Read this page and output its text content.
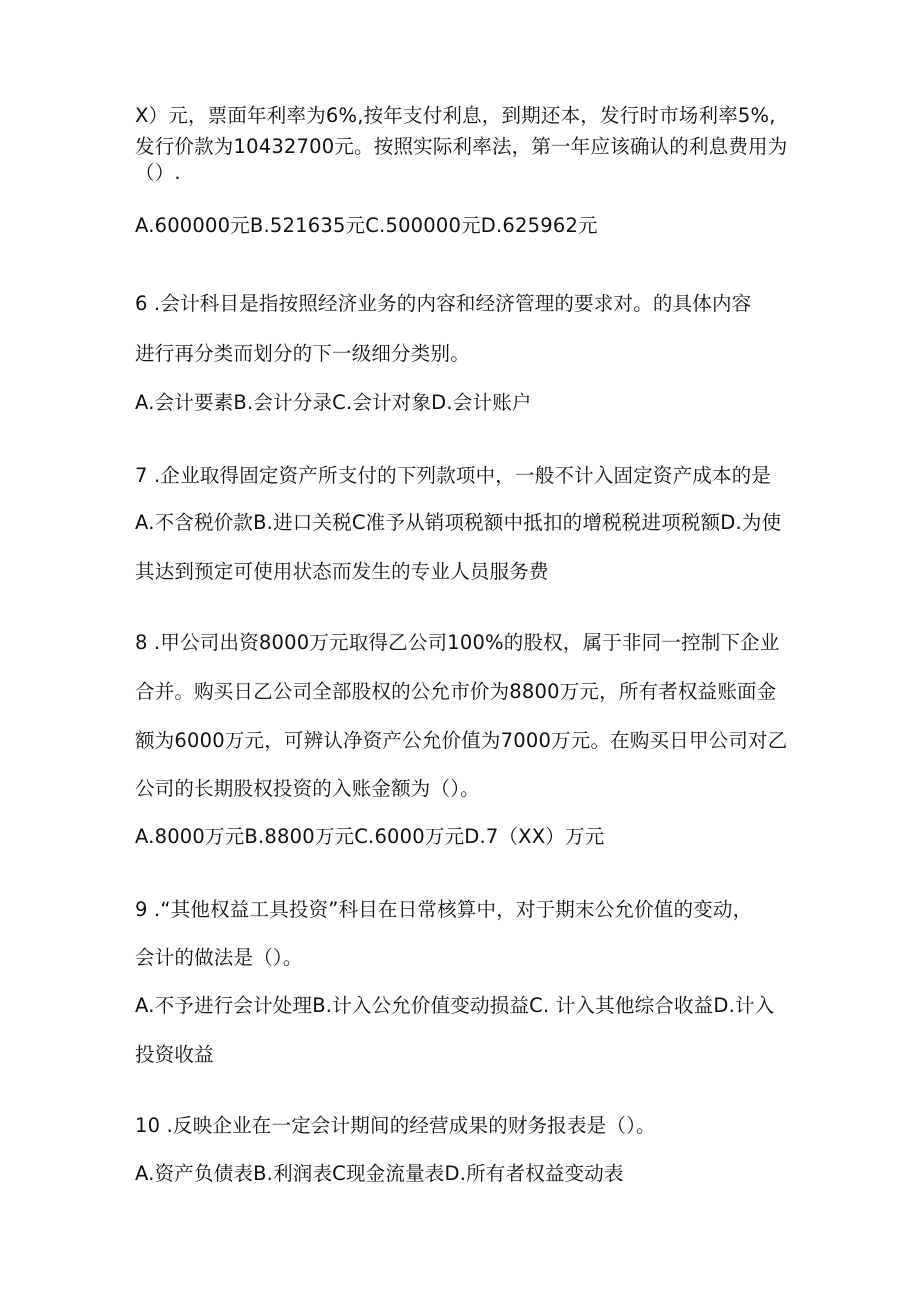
X）元，票面年利率为6%,按年支付利息，到期还本，发行时市场利率5%,
发行价款为10432700元。按照实际利率法，第一年应该确认的利息费用为
（）.
A.600000元B.521635元C.500000元D.625962元
6 .会计科目是指按照经济业务的内容和经济管理的要求对。的具体内容
进行再分类而划分的下一级细分类别。
A.会计要素B.会计分录C.会计对象D.会计账户
7 .企业取得固定资产所支付的下列款项中，一般不计入固定资产成本的是
A.不含税价款B.进口关税C准予从销项税额中抵扣的增税税进项税额D.为使
其达到预定可使用状态而发生的专业人员服务费
8 .甲公司出资8000万元取得乙公司100%的股权，属于非同一控制下企业
合并。购买日乙公司全部股权的公允市价为8800万元，所有者权益账面金
额为6000万元，可辨认净资产公允价值为7000万元。在购买日甲公司对乙
公司的长期股权投资的入账金额为（）。
A.8000万元B.8800万元C.6000万元D.7（XX）万元
9 .“其他权益工具投资”科目在日常核算中，对于期末公允价值的变动，
会计的做法是（）。
A.不予进行会计处理B.计入公允价值变动损益C. 计入其他综合收益D.计入
投资收益
10 .反映企业在一定会计期间的经营成果的财务报表是（）。
A.资产负债表B.利润表C现金流量表D.所有者权益变动表
